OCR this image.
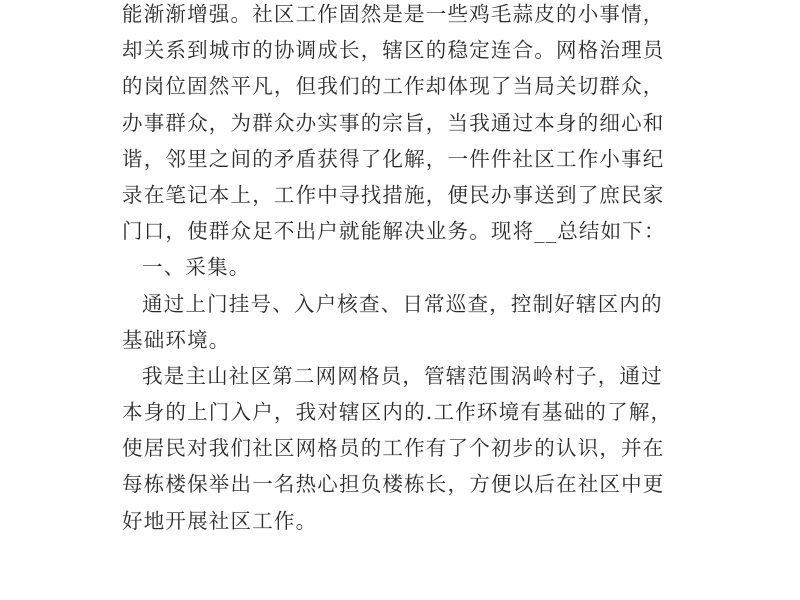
能渐渐增强。社区工作固然是是一些鸡毛蒜皮的小事情，
却关系到城市的协调成长，辖区的稳定连合。网格治理员
的岗位固然平凡，但我们的工作却体现了当局关切群众，
办事群众，为群众办实事的宗旨，当我通过本身的细心和
谐，邻里之间的矛盾获得了化解，一件件社区工作小事纪
录在笔记本上，工作中寻找措施，便民办事送到了庶民家
门口，使群众足不出户就能解决业务。现将__总结如下：
一、采集。
通过上门挂号、入户核查、日常巡查，控制好辖区内的
基础环境。
我是主山社区第二网网格员，管辖范围涡岭村子，通过
本身的上门入户，我对辖区内的.工作环境有基础的了解，
使居民对我们社区网格员的工作有了个初步的认识，并在
每栋楼保举出一名热心担负楼栋长，方便以后在社区中更
好地开展社区工作。
